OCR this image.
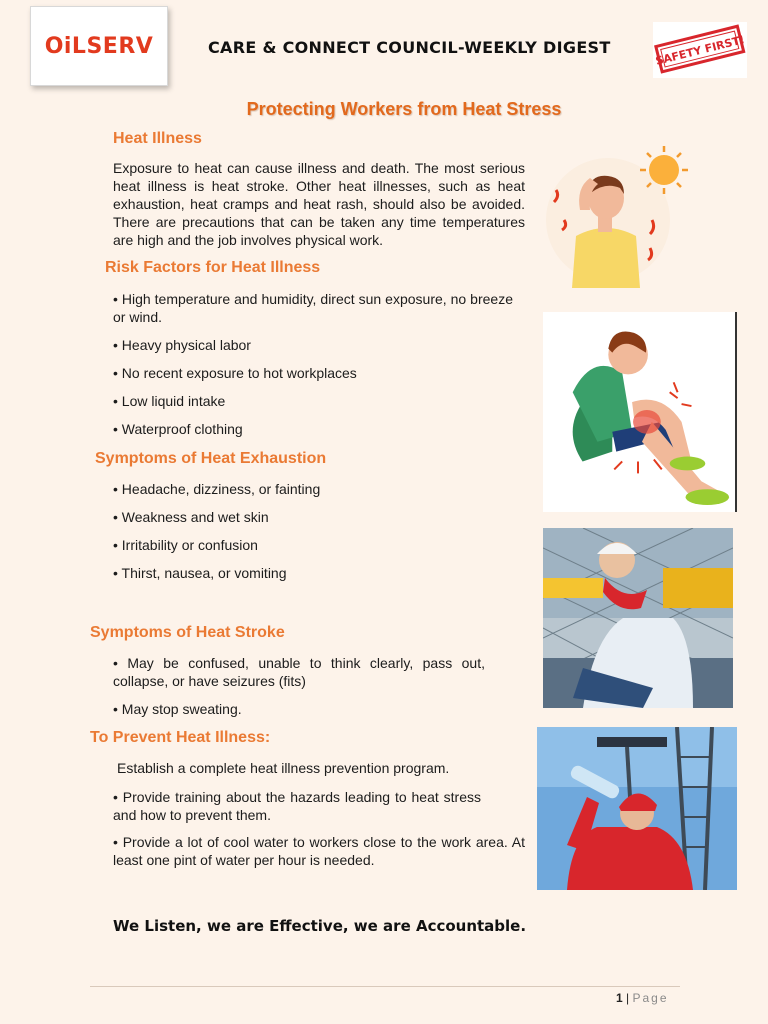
OiLSERV	CARE & CONNECT COUNCIL-WEEKLY DIGEST	SAFETY FIRST!
Protecting Workers from Heat Stress
Heat Illness
Exposure to heat can cause illness and death. The most serious heat illness is heat stroke. Other heat illnesses, such as heat exhaustion, heat cramps and heat rash, should also be avoided. There are precautions that can be taken any time temperatures are high and the job involves physical work.
Risk Factors for Heat Illness
• High temperature and humidity, direct sun exposure, no breeze or wind.
• Heavy physical labor
• No recent exposure to hot workplaces
• Low liquid intake
• Waterproof clothing
Symptoms of Heat Exhaustion
• Headache, dizziness, or fainting
• Weakness and wet skin
• Irritability or confusion
• Thirst, nausea, or vomiting
Symptoms of Heat Stroke
• May be confused, unable to think clearly, pass out, collapse, or have seizures (fits)
• May stop sweating.
To Prevent Heat Illness:
Establish a complete heat illness prevention program.
• Provide training about the hazards leading to heat stress and how to prevent them.
• Provide a lot of cool water to workers close to the work area. At least one pint of water per hour is needed.
We Listen, we are Effective, we are Accountable.
1 | Page
